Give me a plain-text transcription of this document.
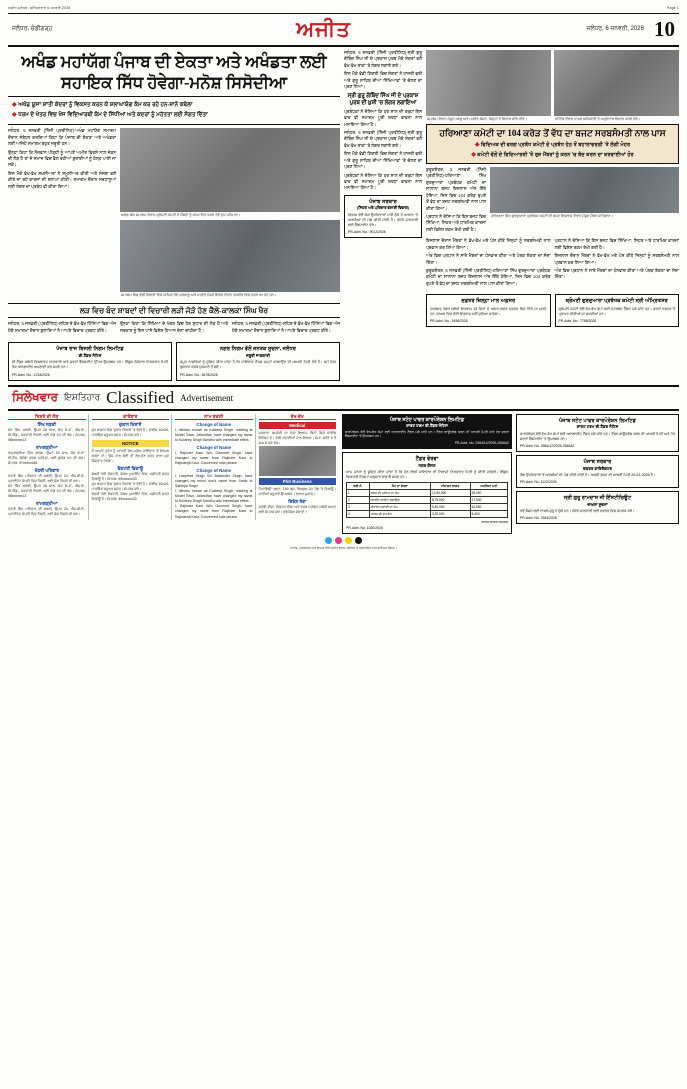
ਅਜੀਤ ਜਲੰਧਰ, ਸ਼ਨਿੱਚਰਵਾਰ 6 ਜਨਵਰੀ 2026	Page 1
ਜਲੰਧਰ, ਚੰਡੀਗੜ੍ਹ	ਅਜੀਤ	ਜਲੰਧਰ, 6 ਜਨਵਰੀ, 2026 10
ਅਖੰਡ ਮਹਾਂਯੱਗ ਪੰਜਾਬ ਦੀ ਏਕਤਾ ਅਤੇ ਅਖੰਡਤਾ ਲਈ ਸਹਾਇਕ ਸਿੱਧ ਹੋਵੇਗਾ-ਮਨੋਸ਼ ਸਿਸੋਦੀਆ
◆ ਅਖੰਡ ਯੂਜਾ ਸ਼ਾਂਤੀ ਕੇਦਰਾਂ ਨੂੰ ਵਿਕਸਤ ਕਰਨ ਕੇ ਸ਼ਲਾਘਾਯੋਗ ਕੰਮ ਕਰ ਰਹੇ ਹਨ-ਸ਼ਾਨੋ ਕਥੇਲਾ
◆ ਧਰਮ ਦੇ ਖੇਤਰ ਵਿਚ ਖੋਜ ਵਿਦਿਆਰਥੀ ਕੰਮ ਦੇ ਸਿੱਧੀਆਂ ਅਤੇ ਕਦਰਾਂ ਨੂੰ ਮਹੱਤਤਾ ਲਈ ਸੰਗਤ ਦਿੱਤਾ

ਜਲੰਧਰ, 5 ਜਨਵਰੀ (ਨਿੱਜੀ ਪ੍ਰਤੀਨਿਧ)-ਅਖੰਡ ਮਹਾਂਯੱਗ ਸਮਾਗਮ ਦੌਰਾਨ ਸੰਬੋਧਨ ਕਰਦਿਆਂ ਕਿਹਾ ਕਿ ਪੰਜਾਬ ਦੀ ਏਕਤਾ ਅਤੇ ਅਖੰਡਤਾ ਲਈ ਅਜਿਹੇ ਸਮਾਗਮ ਬਹੁਤ ਜ਼ਰੂਰੀ ਹਨ।

ਉਨ੍ਹਾਂ ਕਿਹਾ ਕਿ ਨੌਜਵਾਨ ਪੀੜ੍ਹੀ ਨੂੰ ਆਪਣੇ ਅਮੀਰ ਵਿਰਸੇ ਨਾਲ ਜੋੜਨ ਦੀ ਲੋੜ ਹੈ ਤਾਂ ਜੋ ਸਮਾਜ ਵਿਚ ਫੈਲ ਰਹੀਆਂ ਬੁਰਾਈਆਂ ਨੂੰ ਠੱਲ੍ਹ ਪਾਈ ਜਾ ਸਕੇ।

ਇਸ ਮੌਕੇ ਵੱਖ-ਵੱਖ ਸ਼ਖ਼ਸੀਅਤਾਂ ਨੇ ਸ਼ਮੂਲੀਅਤ ਕੀਤੀ ਅਤੇ ਸੰਸਥਾ ਵਲੋਂ ਕੀਤੇ ਜਾ ਰਹੇ ਕਾਰਜਾਂ ਦੀ ਸ਼ਲਾਘਾ ਕੀਤੀ। ਸਮਾਗਮ ਦੌਰਾਨ ਸ਼ਰਧਾਲੂਆਂ ਲਈ ਲੰਗਰ ਦਾ ਪ੍ਰਬੰਧ ਵੀ ਕੀਤਾ ਗਿਆ।

ਅਖੰਡ ਯੱਗ ਸਮਾਗਮ ਦੌਰਾਨ ਸ਼੍ਰੋਮਣੀ ਕਮੇਟੀ ਦੇ ਮੈਂਬਰਾਂ ਨੂੰ ਸਨਮਾਨਿਤ ਕਰਦੇ ਹੋਏ ਮੁੱਖ ਮਹਿਮਾਨ।
ਸਮਾਗਮ ਵਿਚ ਵੱਡੀ ਗਿਣਤੀ ਵਿਚ ਸ਼ਾਮਿਲ ਹੋਏ ਸ਼ਰਧਾਲੂ ਅਤੇ ਪਤਵੰਤੇ ਸੱਜਣ ਇਕੱਠ ਦੌਰਾਨ ਤਸਵੀਰ ਵਿਚ ਨਜ਼ਰ ਆ ਰਹੇ ਹਨ।
ਲੜ ਵਿਚ ਬੰਦ ਸ਼ਾਬਦਾਂ ਦੀ ਵਿਚਾਰੀ ਲੜੀ ਜੋੜੋ ਹੋਣ ਕੈਲੇ-ਕਾਲਕਾ ਸਿੰਘ ਖੈਰ

ਜਲੰਧਰ, 5 ਜਨਵਰੀ (ਪ੍ਰਤੀਨਿਧ)-ਸ਼ਹਿਰ ਦੇ ਵੱਖ-ਵੱਖ ਹਿੱਸਿਆਂ ਵਿਚ ਅੱਜ ਹੋਏ ਸਮਾਗਮਾਂ ਦੌਰਾਨ ਬੁਲਾਰਿਆਂ ਨੇ ਆਪਣੇ ਵਿਚਾਰ ਪ੍ਰਗਟ ਕੀਤੇ।

ਉਨ੍ਹਾਂ ਕਿਹਾ ਕਿ ਸਿੱਖਿਆ ਦੇ ਖੇਤਰ ਵਿਚ ਹੋਰ ਸੁਧਾਰ ਦੀ ਲੋੜ ਹੈ ਅਤੇ ਸਰਕਾਰ ਨੂੰ ਇਸ ਪਾਸੇ ਵਿਸ਼ੇਸ਼ ਧਿਆਨ ਦੇਣਾ ਚਾਹੀਦਾ ਹੈ।

ਜਲੰਧਰ, 5 ਜਨਵਰੀ (ਪ੍ਰਤੀਨਿਧ)-ਸ਼ਹਿਰ ਦੇ ਵੱਖ-ਵੱਖ ਹਿੱਸਿਆਂ ਵਿਚ ਅੱਜ ਹੋਏ ਸਮਾਗਮਾਂ ਦੌਰਾਨ ਬੁਲਾਰਿਆਂ ਨੇ ਆਪਣੇ ਵਿਚਾਰ ਪ੍ਰਗਟ ਕੀਤੇ।

ਪੰਜਾਬ ਰਾਜ ਬਿਜਲੀ ਨਿਗਮ ਲਿਮਟਿਡ
ਈ-ਟੈਂਡਰ ਨੋਟਿਸ
ਈ-ਟੈਂਡਰ ਸਬੰਧੀ ਵਿਸਥਾਰਤ ਜਾਣਕਾਰੀ ਅਤੇ ਸ਼ਰਤਾਂ ਵੈੱਬਸਾਈਟ ਉੱਪਰ ਉਪਲਬਧ ਹਨ। ਇੱਛੁਕ ਠੇਕੇਦਾਰ ਨਿਰਧਾਰਤ ਮਿਤੀ ਤੱਕ ਆਨਲਾਈਨ ਅਪਲਾਈ ਕਰ ਸਕਦੇ ਹਨ।
PR-Advt. No.: 1234/2026
ਨਗਰ ਨਿਗਮ ਵੱਲੋਂ ਜਨਤਕ ਸੂਚਨਾ, ਜਲੰਧਰ
ਜ਼ਰੂਰੀ ਜਾਣਕਾਰੀ
ਸਮੂਹ ਨਾਗਰਿਕਾਂ ਨੂੰ ਸੂਚਿਤ ਕੀਤਾ ਜਾਂਦਾ ਹੈ ਕਿ ਜਾਇਦਾਦ ਟੈਕਸ ਜਮ੍ਹਾਂ ਕਰਵਾਉਣ ਦੀ ਆਖ਼ਰੀ ਮਿਤੀ ਨੇੜੇ ਹੈ। ਸਮੇਂ ਸਿਰ ਭੁਗਤਾਨ ਕਰਕੇ ਜੁਰਮਾਨੇ ਤੋਂ ਬਚੋ।
PR-Advt. No.: 5678/2026

ਜਲੰਧਰ, 5 ਜਨਵਰੀ (ਨਿੱਜੀ ਪ੍ਰਤੀਨਿਧ)-ਸ੍ਰੀ ਗੁਰੂ ਗੋਬਿੰਦ ਸਿੰਘ ਜੀ ਦੇ ਪ੍ਰਕਾਸ਼ ਪੁਰਬ ਮੌਕੇ ਸੰਗਤਾਂ ਵਲੋਂ ਵੱਖ-ਵੱਖ ਥਾਵਾਂ 'ਤੇ ਲੰਗਰ ਲਗਾਏ ਗਏ।

ਇਸ ਮੌਕੇ ਵੱਡੀ ਗਿਣਤੀ ਵਿਚ ਸੰਗਤਾਂ ਨੇ ਹਾਜ਼ਰੀ ਭਰੀ ਅਤੇ ਗੁਰੂ ਸਾਹਿਬ ਦੀਆਂ ਸਿੱਖਿਆਵਾਂ 'ਤੇ ਚੱਲਣ ਦਾ ਪ੍ਰਣ ਲਿਆ।

ਸ੍ਰੀ ਗੁਰੂ ਗੋਬਿੰਦ ਸਿੰਘ ਜੀ ਦੇ ਪ੍ਰਕਾਸ਼ ਪੁਰਬ ਦੀ ਖ਼ੁਸ਼ੀ 'ਚ ਲੰਗਰ ਲਗਾਇਆ

ਪ੍ਰਬੰਧਕਾਂ ਨੇ ਦੱਸਿਆ ਕਿ ਹਰ ਸਾਲ ਦੀ ਤਰ੍ਹਾਂ ਇਸ ਵਾਰ ਵੀ ਸਮਾਗਮ ਪੂਰੀ ਸ਼ਰਧਾ ਭਾਵਨਾ ਨਾਲ ਮਨਾਇਆ ਗਿਆ ਹੈ।

ਜਲੰਧਰ, 5 ਜਨਵਰੀ (ਨਿੱਜੀ ਪ੍ਰਤੀਨਿਧ)-ਸ੍ਰੀ ਗੁਰੂ ਗੋਬਿੰਦ ਸਿੰਘ ਜੀ ਦੇ ਪ੍ਰਕਾਸ਼ ਪੁਰਬ ਮੌਕੇ ਸੰਗਤਾਂ ਵਲੋਂ ਵੱਖ-ਵੱਖ ਥਾਵਾਂ 'ਤੇ ਲੰਗਰ ਲਗਾਏ ਗਏ।

ਇਸ ਮੌਕੇ ਵੱਡੀ ਗਿਣਤੀ ਵਿਚ ਸੰਗਤਾਂ ਨੇ ਹਾਜ਼ਰੀ ਭਰੀ ਅਤੇ ਗੁਰੂ ਸਾਹਿਬ ਦੀਆਂ ਸਿੱਖਿਆਵਾਂ 'ਤੇ ਚੱਲਣ ਦਾ ਪ੍ਰਣ ਲਿਆ।

ਪ੍ਰਬੰਧਕਾਂ ਨੇ ਦੱਸਿਆ ਕਿ ਹਰ ਸਾਲ ਦੀ ਤਰ੍ਹਾਂ ਇਸ ਵਾਰ ਵੀ ਸਮਾਗਮ ਪੂਰੀ ਸ਼ਰਧਾ ਭਾਵਨਾ ਨਾਲ ਮਨਾਇਆ ਗਿਆ ਹੈ।

ਪੰਜਾਬ ਸਰਕਾਰ
(ਸਿਹਤ ਅਤੇ ਪਰਿਵਾਰ ਭਲਾਈ ਵਿਭਾਗ)
ਵਿਭਾਗ ਵੱਲੋਂ ਯੋਗ ਉਮੀਦਵਾਰਾਂ ਪਾਸੋਂ ਠੇਕੇ ਦੇ ਆਧਾਰ 'ਤੇ ਅਰਜ਼ੀਆਂ ਦੀ ਮੰਗ ਕੀਤੀ ਜਾਂਦੀ ਹੈ। ਵਧੇਰੇ ਜਾਣਕਾਰੀ ਲਈ ਵੈੱਬਸਾਈਟ ਵੇਖੋ।
PR-Advt. No.: 9012/2026
ਸਮਾਗਮ ਦੌਰਾਨ ਮੌਜੂਦ ਆਗੂ ਅਤੇ ਪਤਵੰਤੇ ਸੱਜਣ, ਜਿਨ੍ਹਾਂ ਨੇ ਵਿਚਾਰ ਸਾਂਝੇ ਕੀਤੇ।	ਮੀਟਿੰਗ ਦੌਰਾਨ ਹਾਜ਼ਰ ਅਧਿਕਾਰੀ ਤੇ ਅਹੁਦੇਦਾਰ ਵਿਚਾਰ ਕਰਦੇ ਹੋਏ।
ਹਰਿਆਣਾ ਕਮੇਟੀ ਦਾ 104 ਕਰੋੜ ਤੋਂ ਵੱਧ ਦਾ ਬਜਟ ਸਰਬਸੰਮਤੀ ਨਾਲ ਪਾਸ
◆ ਵਿਦਿਅਕ ਦੀ ਵਰਗ ਪ੍ਰਬੰਧ ਕਮੇਟੀ ਦੇ ਪ੍ਰਬੰਧ ਹੇਠ ਤੋਂ ਬਹਾਲਾਵਰਗੀ 'ਤੇ ਲੱਗੀ ਮੋਹਰ
◆ ਕਮੇਟੀ ਵੱਲੋਂ ਦੇ ਵਿਦਿਆਰਥੀ 'ਤੇ ਰੁਜ਼ ਮੈਂਬਰਾਂ ਨੂੰ ਕਰਨ 'ਚ ਬੰਦ ਕਰਨ ਦਾ ਕਰਵਾਈਆਂ ਹੋਰ

ਕੁਰੂਕਸ਼ੇਤਰ, 5 ਜਨਵਰੀ (ਨਿੱਜੀ ਪ੍ਰਤੀਨਿਧ)-ਹਰਿਆਣਾ ਸਿੱਖ ਗੁਰਦੁਆਰਾ ਪ੍ਰਬੰਧਕ ਕਮੇਟੀ ਦਾ ਸਾਲਾਨਾ ਬਜਟ ਇਜਲਾਸ ਅੱਜ ਇੱਥੇ ਹੋਇਆ, ਜਿਸ ਵਿਚ 104 ਕਰੋੜ ਰੁਪਏ ਤੋਂ ਵੱਧ ਦਾ ਬਜਟ ਸਰਬਸੰਮਤੀ ਨਾਲ ਪਾਸ ਕੀਤਾ ਗਿਆ।

ਪ੍ਰਧਾਨ ਨੇ ਦੱਸਿਆ ਕਿ ਇਸ ਬਜਟ ਵਿਚ ਸਿੱਖਿਆ, ਸਿਹਤ ਅਤੇ ਧਾਰਮਿਕ ਕਾਰਜਾਂ ਲਈ ਵਿਸ਼ੇਸ਼ ਰਕਮ ਰੱਖੀ ਗਈ ਹੈ।

ਹਰਿਆਣਾ ਸਿੱਖ ਗੁਰਦੁਆਰਾ ਪ੍ਰਬੰਧਕ ਕਮੇਟੀ ਦੀ ਬਜਟ ਇਜਲਾਸ ਦੌਰਾਨ ਮੌਜੂਦ ਮੈਂਬਰ ਸਾਹਿਬਾਨ।

ਇਜਲਾਸ ਦੌਰਾਨ ਮੈਂਬਰਾਂ ਨੇ ਵੱਖ-ਵੱਖ ਮਤੇ ਪੇਸ਼ ਕੀਤੇ ਜਿਨ੍ਹਾਂ ਨੂੰ ਸਰਬਸੰਮਤੀ ਨਾਲ ਪ੍ਰਵਾਨ ਕਰ ਲਿਆ ਗਿਆ।

ਅੰਤ ਵਿਚ ਪ੍ਰਧਾਨ ਨੇ ਸਾਰੇ ਮੈਂਬਰਾਂ ਦਾ ਧੰਨਵਾਦ ਕੀਤਾ ਅਤੇ ਪੰਥਕ ਏਕਤਾ ਦਾ ਸੱਦਾ ਦਿੱਤਾ।

ਕੁਰੂਕਸ਼ੇਤਰ, 5 ਜਨਵਰੀ (ਨਿੱਜੀ ਪ੍ਰਤੀਨਿਧ)-ਹਰਿਆਣਾ ਸਿੱਖ ਗੁਰਦੁਆਰਾ ਪ੍ਰਬੰਧਕ ਕਮੇਟੀ ਦਾ ਸਾਲਾਨਾ ਬਜਟ ਇਜਲਾਸ ਅੱਜ ਇੱਥੇ ਹੋਇਆ, ਜਿਸ ਵਿਚ 104 ਕਰੋੜ ਰੁਪਏ ਤੋਂ ਵੱਧ ਦਾ ਬਜਟ ਸਰਬਸੰਮਤੀ ਨਾਲ ਪਾਸ ਕੀਤਾ ਗਿਆ।

ਪ੍ਰਧਾਨ ਨੇ ਦੱਸਿਆ ਕਿ ਇਸ ਬਜਟ ਵਿਚ ਸਿੱਖਿਆ, ਸਿਹਤ ਅਤੇ ਧਾਰਮਿਕ ਕਾਰਜਾਂ ਲਈ ਵਿਸ਼ੇਸ਼ ਰਕਮ ਰੱਖੀ ਗਈ ਹੈ।

ਇਜਲਾਸ ਦੌਰਾਨ ਮੈਂਬਰਾਂ ਨੇ ਵੱਖ-ਵੱਖ ਮਤੇ ਪੇਸ਼ ਕੀਤੇ ਜਿਨ੍ਹਾਂ ਨੂੰ ਸਰਬਸੰਮਤੀ ਨਾਲ ਪ੍ਰਵਾਨ ਕਰ ਲਿਆ ਗਿਆ।

ਅੰਤ ਵਿਚ ਪ੍ਰਧਾਨ ਨੇ ਸਾਰੇ ਮੈਂਬਰਾਂ ਦਾ ਧੰਨਵਾਦ ਕੀਤਾ ਅਤੇ ਪੰਥਕ ਏਕਤਾ ਦਾ ਸੱਦਾ ਦਿੱਤਾ।

ਦਫ਼ਤਰ ਜ਼ਿਲ੍ਹਾ ਮਾਲ ਅਫ਼ਸਰ
ਹਦਬਸਤ ਨੰਬਰ ਸਬੰਧੀ ਇਤਰਾਜ਼ 15 ਦਿਨਾਂ ਦੇ ਅੰਦਰ-ਅੰਦਰ ਦਫ਼ਤਰ ਵਿਚ ਦਿੱਤੇ ਜਾ ਸਕਦੇ ਹਨ, ਬਾਅਦ ਵਿਚ ਕੋਈ ਇਤਰਾਜ਼ ਨਹੀਂ ਸੁਣਿਆ ਜਾਵੇਗਾ।
PR-Advt. No.: 3456/2026
ਸ਼੍ਰੋਮਣੀ ਗੁਰਦੁਆਰਾ ਪ੍ਰਬੰਧਕ ਕਮੇਟੀ ਸ੍ਰੀ ਅੰਮ੍ਰਿਤਸਰ
ਸ਼੍ਰੋਮਣੀ ਕਮੇਟੀ ਵੱਲੋਂ ਵੱਖ-ਵੱਖ ਕੰਮਾਂ ਲਈ ਮੋਹਰਬੰਦ ਟੈਂਡਰ ਮੰਗੇ ਜਾਂਦੇ ਹਨ। ਸ਼ਰਤਾਂ ਦਫ਼ਤਰ ਤੋਂ ਪ੍ਰਾਪਤ ਕੀਤੀਆਂ ਜਾ ਸਕਦੀਆਂ ਹਨ।
PR-Advt. No.: 7788/2026
ਸਿਲੇਖਵਾਰ ਇਸ਼ਤਿਹਾਰ Classified Advertisement
ਰਿਸ਼ਤੇ ਦੀ ਲੋੜ
ਸਿੱਖ ਲੜਕੀ
ਜੱਟ ਸਿੱਖ ਲੜਕੀ, ਉਮਰ 26 ਸਾਲ, ਕੱਦ 5'-4", ਐੱਮ.ਏ., ਬੀ.ਐੱਡ., ਸਰਕਾਰੀ ਨੌਕਰੀ, ਲਈ ਯੋਗ ਵਰ ਦੀ ਲੋੜ। ਸੰਪਰਕ: 98xxxxxx12
ਰਾਮਗੜ੍ਹੀਆ
ਰਾਮਗੜ੍ਹੀਆ ਸਿੱਖ ਲੜਕਾ, ਉਮਰ 29 ਸਾਲ, ਕੱਦ 5'-9", ਬੀ.ਟੈੱਕ, ਕੈਨੇਡਾ ਵਰਕ ਪਰਮਿਟ, ਲਈ ਸੁਯੋਗ ਵਰ ਦੀ ਲੋੜ। ਸੰਪਰਕ: 97xxxxxx45
ਖੱਤਰੀ ਪਰਿਵਾਰ
ਖੱਤਰੀ ਸਿੱਖ ਪਰਿਵਾਰ ਦੀ ਲੜਕੀ, ਉਮਰ 24, ਐੱਮ.ਬੀ.ਏ., ਪ੍ਰਾਈਵੇਟ ਕੰਪਨੀ ਵਿਚ ਨੌਕਰੀ, ਲਈ ਯੋਗ ਰਿਸ਼ਤੇ ਦੀ ਲੋੜ।
ਜੱਟ ਸਿੱਖ ਲੜਕੀ, ਉਮਰ 26 ਸਾਲ, ਕੱਦ 5'-4", ਐੱਮ.ਏ., ਬੀ.ਐੱਡ., ਸਰਕਾਰੀ ਨੌਕਰੀ, ਲਈ ਯੋਗ ਵਰ ਦੀ ਲੋੜ। ਸੰਪਰਕ: 98xxxxxx12
ਰਾਮਗੜ੍ਹੀਆ
ਖੱਤਰੀ ਸਿੱਖ ਪਰਿਵਾਰ ਦੀ ਲੜਕੀ, ਉਮਰ 24, ਐੱਮ.ਬੀ.ਏ., ਪ੍ਰਾਈਵੇਟ ਕੰਪਨੀ ਵਿਚ ਨੌਕਰੀ, ਲਈ ਯੋਗ ਰਿਸ਼ਤੇ ਦੀ ਲੋੜ।
ਕਾਰੋਬਾਰ
ਦੁਕਾਨ ਕਿਰਾਏ
ਮੁੱਖ ਬਾਜ਼ਾਰ ਵਿਚ ਦੁਕਾਨ ਕਿਰਾਏ 'ਤੇ ਦੇਣੀ ਹੈ। ਸਾਈਜ਼ 10x20, ਪਾਰਕਿੰਗ ਸਹੂਲਤ ਸਮੇਤ। ਸੰਪਰਕ ਕਰੋ।
NOTICE
ਮੈਂ ਆਪਣੇ ਪੁੱਤਰ ਨੂੰ ਆਪਣੀ ਚੱਲ-ਅਚੱਲ ਜਾਇਦਾਦ ਤੋਂ ਬੇਦਖ਼ਲ ਕਰਦਾ ਹਾਂ। ਉਸ ਨਾਲ ਕੋਈ ਵੀ ਲੈਣ-ਦੇਣ ਕਰਨ ਵਾਲਾ ਖ਼ੁਦ ਜ਼ਿੰਮੇਵਾਰ ਹੋਵੇਗਾ।
ਫੈਕਟਰੀ ਵਿਕਾਊ
ਚੱਲਦੀ ਹੋਈ ਫੈਕਟਰੀ, ਫੋਕਲ ਪੁਆਇੰਟ ਵਿਚ, ਮਸ਼ੀਨਰੀ ਸਮੇਤ ਵਿਕਾਊ ਹੈ। ਸੰਪਰਕ: 99xxxxxx33
ਮੁੱਖ ਬਾਜ਼ਾਰ ਵਿਚ ਦੁਕਾਨ ਕਿਰਾਏ 'ਤੇ ਦੇਣੀ ਹੈ। ਸਾਈਜ਼ 10x20, ਪਾਰਕਿੰਗ ਸਹੂਲਤ ਸਮੇਤ। ਸੰਪਰਕ ਕਰੋ।
ਚੱਲਦੀ ਹੋਈ ਫੈਕਟਰੀ, ਫੋਕਲ ਪੁਆਇੰਟ ਵਿਚ, ਮਸ਼ੀਨਰੀ ਸਮੇਤ ਵਿਕਾਊ ਹੈ। ਸੰਪਰਕ: 99xxxxxx33
ਨਾਮ ਬਦਲੀ
Change of Name
I, hitherto known as Kuldeep Singh, residing at Model Town, Jalandhar, have changed my name to Kuldeep Singh Sandhu with immediate effect.
Change of Name
I, Rajinder Kaur W/o Gurmeet Singh, have changed my name from Rajinder Kaur to Rajinderjit Kaur. Concerned note please.
Change of Name
I, Harpreet Singh S/o Balwinder Singh, have changed my minor son's name from Sahib to Sahibjot Singh.
I, hitherto known as Kuldeep Singh, residing at Model Town, Jalandhar, have changed my name to Kuldeep Singh Sandhu with immediate effect.
I, Rajinder Kaur W/o Gurmeet Singh, have changed my name from Rajinder Kaur to Rajinderjit Kaur. Concerned note please.
ਵੱਖ-ਵੱਖ
Medical
ਮਰਦਾਨਾ ਕਮਜ਼ੋਰੀ ਦਾ ਪੱਕਾ ਇਲਾਜ, ਬਿਨਾਂ ਕਿਸੇ ਸਾਈਡ ਇਫੈਕਟ ਦੇ। ਦੇਸੀ ਦਵਾਈਆਂ ਨਾਲ ਇਲਾਜ। ਸਮਾਂ: ਸਵੇਰੇ 9 ਤੋਂ ਸ਼ਾਮ 6 ਵਜੇ ਤੱਕ।
Plot Business
ਰਿਹਾਇਸ਼ੀ ਪਲਾਟ, 150 ਗਜ਼, ਬਿਲਕੁਲ ਮੇਨ ਰੋਡ 'ਤੇ ਵਿਕਾਊ। ਸਾਰੀਆਂ ਸਹੂਲਤਾਂ ਉਪਲਬਧ। ਦਲਾਲ ਮੁਆਫ਼।
ਵਿਦੇਸ਼ ਸੇਵਾ
ਸਟੱਡੀ ਵੀਜ਼ਾ, ਵਿਜ਼ਟਰ ਵੀਜ਼ਾ ਅਤੇ ਵਰਕ ਪਰਮਿਟ ਸਬੰਧੀ ਸਲਾਹ ਲਈ ਸੰਪਰਕ ਕਰੋ। ਭਰੋਸੇਯੋਗ ਸੇਵਾਵਾਂ।
ਪੰਜਾਬ ਸਟੇਟ ਪਾਵਰ ਕਾਰਪੋਰੇਸ਼ਨ ਲਿਮਟਿਡ
ਸ਼ਾਰਟ ਟਰਮ ਈ-ਟੈਂਡਰ ਨੋਟਿਸ
ਕਾਰਪੋਰੇਸ਼ਨ ਵੱਲੋਂ ਵੱਖ-ਵੱਖ ਕੰਮਾਂ ਲਈ ਆਨਲਾਈਨ ਟੈਂਡਰ ਮੰਗੇ ਜਾਂਦੇ ਹਨ। ਟੈਂਡਰ ਡਾਊਨਲੋਡ ਕਰਨ ਦੀ ਆਖ਼ਰੀ ਮਿਤੀ ਅਤੇ ਹੋਰ ਸ਼ਰਤਾਂ ਵੈੱਬਸਾਈਟ 'ਤੇ ਉਪਲਬਧ ਹਨ।
PR-Advt. No. 2564/12/2026-2566A2
ਟੈਂਡਰ ਵੇਰਵਾ
ਨਗਰ ਕੌਂਸਲ
ਆਮ ਜਨਤਾ ਨੂੰ ਸੂਚਿਤ ਕੀਤਾ ਜਾਂਦਾ ਹੈ ਕਿ ਹੇਠ ਲਿਖੀ ਜਾਇਦਾਦ ਦੀ ਨਿਲਾਮੀ ਨਿਰਧਾਰਤ ਮਿਤੀ ਨੂੰ ਕੀਤੀ ਜਾਵੇਗੀ। ਇੱਛੁਕ ਵਿਅਕਤੀ ਨਿਯਮਾਂ ਅਨੁਸਾਰ ਭਾਗ ਲੈ ਸਕਦੇ ਹਨ।
ਲੜੀ ਨੰ.	ਕੰਮ ਦਾ ਵੇਰਵਾ	ਅੰਦਾਜ਼ਨ ਲਾਗਤ	ਅਰਨੈਸਟ ਮਨੀ
1	ਸੜਕ ਦੀ ਮੁਰੰਮਤ ਦਾ ਕੰਮ	12,50,000	25,000
2	ਸਟਰੀਟ ਲਾਈਟ ਲਗਾਉਣਾ	8,75,000	17,500
3	ਸੀਵਰੇਜ ਸਫ਼ਾਈ ਦਾ ਕੰਮ	5,40,000	10,800
4	ਪਾਰਕ ਦੀ ਦੇਖ-ਰੇਖ	3,20,000	6,400
ਕਾਰਜ ਸਾਧਕ ਅਫ਼ਸਰ
PR-Advt. No. 1020/2026
ਪੰਜਾਬ ਸਟੇਟ ਪਾਵਰ ਕਾਰਪੋਰੇਸ਼ਨ ਲਿਮਟਿਡ
ਸ਼ਾਰਟ ਟਰਮ ਈ-ਟੈਂਡਰ ਨੋਟਿਸ
ਕਾਰਪੋਰੇਸ਼ਨ ਵੱਲੋਂ ਵੱਖ-ਵੱਖ ਕੰਮਾਂ ਲਈ ਆਨਲਾਈਨ ਟੈਂਡਰ ਮੰਗੇ ਜਾਂਦੇ ਹਨ। ਟੈਂਡਰ ਡਾਊਨਲੋਡ ਕਰਨ ਦੀ ਆਖ਼ਰੀ ਮਿਤੀ ਅਤੇ ਹੋਰ ਸ਼ਰਤਾਂ ਵੈੱਬਸਾਈਟ 'ਤੇ ਉਪਲਬਧ ਹਨ।
PR-Advt. No. 2564/12/2026-2566A2
ਪੰਜਾਬ ਸਰਕਾਰ
ਦਫ਼ਤਰ ਡਾਇਰੈਕਟਰ
ਯੋਗ ਉਮੀਦਵਾਰਾਂ ਤੋਂ ਅਰਜ਼ੀਆਂ ਦੀ ਮੰਗ ਕੀਤੀ ਜਾਂਦੀ ਹੈ। ਅਰਜ਼ੀ ਭੇਜਣ ਦੀ ਆਖ਼ਰੀ ਮਿਤੀ 20-01-2026 ਹੈ।
PR-Advt. No. 1122/2026
ਸ੍ਰੀ ਗੁਰੂ ਰਾਮਦਾਸ ਜੀ ਇੰਸਟੀਚਿਊਟ
ਦਾਖ਼ਲਾ ਸੂਚਨਾ
ਨਵੇਂ ਸੈਸ਼ਨ ਲਈ ਦਾਖ਼ਲੇ ਸ਼ੁਰੂ ਹੋ ਚੁੱਕੇ ਹਨ। ਵਧੇਰੇ ਜਾਣਕਾਰੀ ਲਈ ਦਫ਼ਤਰ ਵਿਚ ਸੰਪਰਕ ਕਰੋ।
PR-Advt. No. 3344/2026
ਮਾਲਕ, ਪ੍ਰਕਾਸ਼ਕ ਅਤੇ ਛਾਪਕ ਵੱਲੋਂ ਅਜੀਤ ਭਵਨ, ਜਲੰਧਰ ਤੋਂ ਪ੍ਰਕਾਸ਼ਿਤ ਅਤੇ ਛਾਪਿਆ ਗਿਆ।
